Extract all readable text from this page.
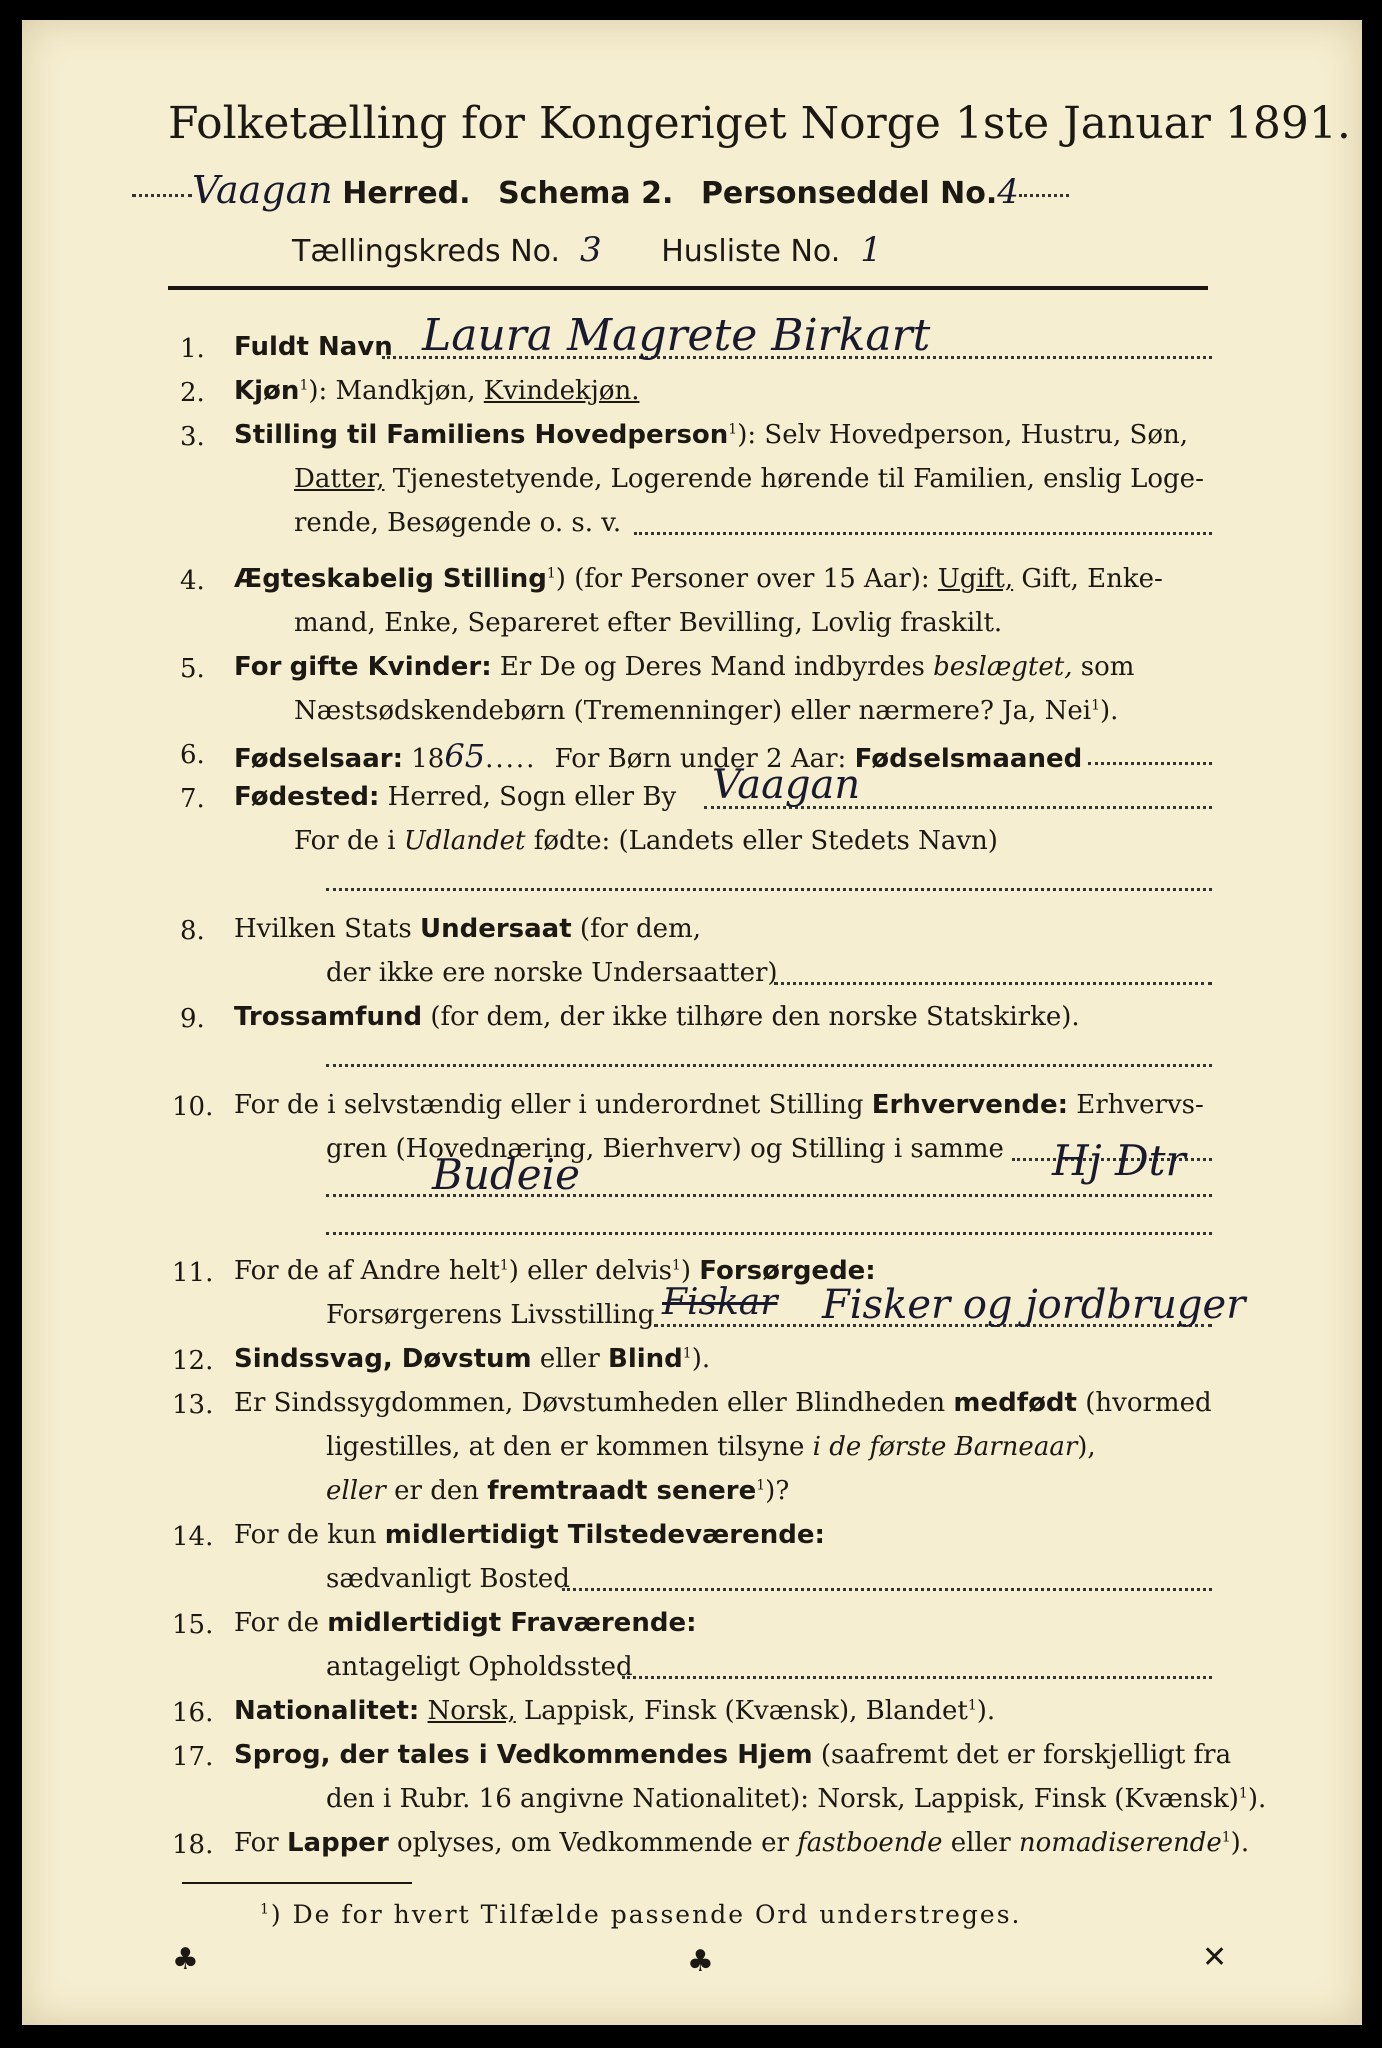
Folketælling for Kongeriget Norge 1ste Januar 1891.
Vaagan Herred. Schema 2. Personseddel No.4
Tællingskreds No. 3 Husliste No. 1
1. Fuldt Navn Laura Magrete Birkart
2. Kjøn$^1$): Mandkjøn, Kvindekjøn.
3. Stilling til Familiens Hovedperson$^1$): Selv Hovedperson, Hustru, Søn,
Datter, Tjenestetyende, Logerende hørende til Familien, enslig Loge-
rende, Besøgende o. s. v.
4. Ægteskabelig Stilling$^1$) (for Personer over 15 Aar): Ugift, Gift, Enke-
mand, Enke, Separeret efter Bevilling, Lovlig fraskilt.
5. For gifte Kvinder: Er De og Deres Mand indbyrdes beslægtet, som
Næstsødskendebørn (Tremenninger) eller nærmere? Ja, Nei$^1$).
6. Fødselsaar: 1865..... For Børn under 2 Aar: Fødselsmaaned
7. Fødested: Herred, Sogn eller By Vaagan
For de i Udlandet fødte: (Landets eller Stedets Navn)
8. Hvilken Stats Undersaat (for dem,
der ikke ere norske Undersaatter)
9. Trossamfund (for dem, der ikke tilhøre den norske Statskirke).
10. For de i selvstændig eller i underordnet Stilling Erhvervende: Erhvervs-
gren (Hovednæring, Bierhverv) og Stilling i samme
Budeie	Hj Dtr
11. For de af Andre helt$^1$) eller delvis$^1$) Forsørgede:
Forsørgerens Livsstilling Fiskar Fisker og jordbruger
12. Sindssvag, Døvstum eller Blind$^1$).
13. Er Sindssygdommen, Døvstumheden eller Blindheden medfødt (hvormed
ligestilles, at den er kommen tilsyne i de første Barneaar),
eller er den fremtraadt senere$^1$)?
14. For de kun midlertidigt Tilstedeværende:
sædvanligt Bosted
15. For de midlertidigt Fraværende:
antageligt Opholdssted
16. Nationalitet: Norsk, Lappisk, Finsk (Kvænsk), Blandet$^1$).
17. Sprog, der tales i Vedkommendes Hjem (saafremt det er forskjelligt fra
den i Rubr. 16 angivne Nationalitet): Norsk, Lappisk, Finsk (Kvænsk)$^1$).
18. For Lapper oplyses, om Vedkommende er fastboende eller nomadiserende$^1$).
$^1$) De for hvert Tilfælde passende Ord understreges.
♣	♣	✕
